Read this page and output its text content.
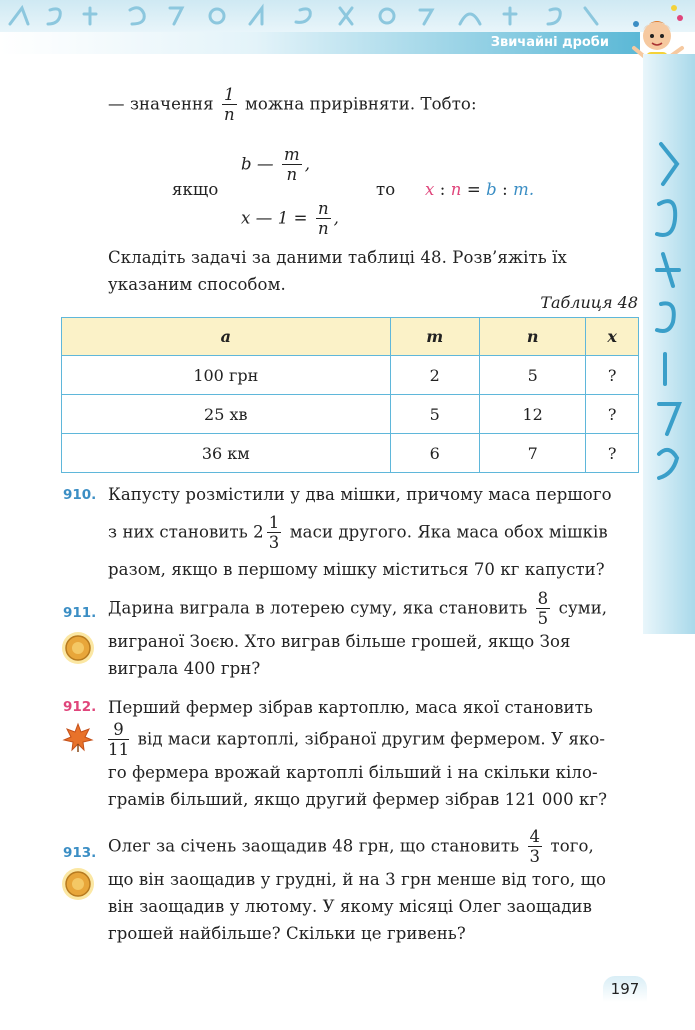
Звичайні дроби
— значення $\frac{1}{n}$ можна прирівняти. Тобто:
b — $\frac{m}{n}$ ,
якщо	то x : n = b : m.
x — $1 = \frac{n}{n}$ ,
Складіть задачі за даними таблиці 48. Розв’яжіть їх
указаним способом.
Таблиця 48
a	m	n	x
100 грн	2	5	?
25 хв	5	12	?
36 км	6	7	?
910. Капусту розмістили у два мішки, причому маса першого
з них становить $2 \frac{1}{3}$ маси другого. Яка маса обох мішків
разом, якщо в першому мішку міститься 70 кг капусти?
911. Дарина виграла в лотерею суму, яка становить $\frac{8}{5}$ суми,
виграної Зоєю. Хто виграв більше грошей, якщо Зоя
виграла 400 грн?
912. Перший фермер зібрав картоплю, маса якої становить
$\frac{9}{11}$ від маси картоплі, зібраної другим фермером. У яко-
го фермера врожай картоплі більший і на скільки кіло-
грамів більший, якщо другий фермер зібрав 121 000 кг?
913. Олег за січень заощадив 48 грн, що становить $\frac{4}{3}$ того,
що він заощадив у грудні, й на 3 грн менше від того, що
він заощадив у лютому. У якому місяці Олег заощадив
грошей найбільше? Скільки це гривень?
197
